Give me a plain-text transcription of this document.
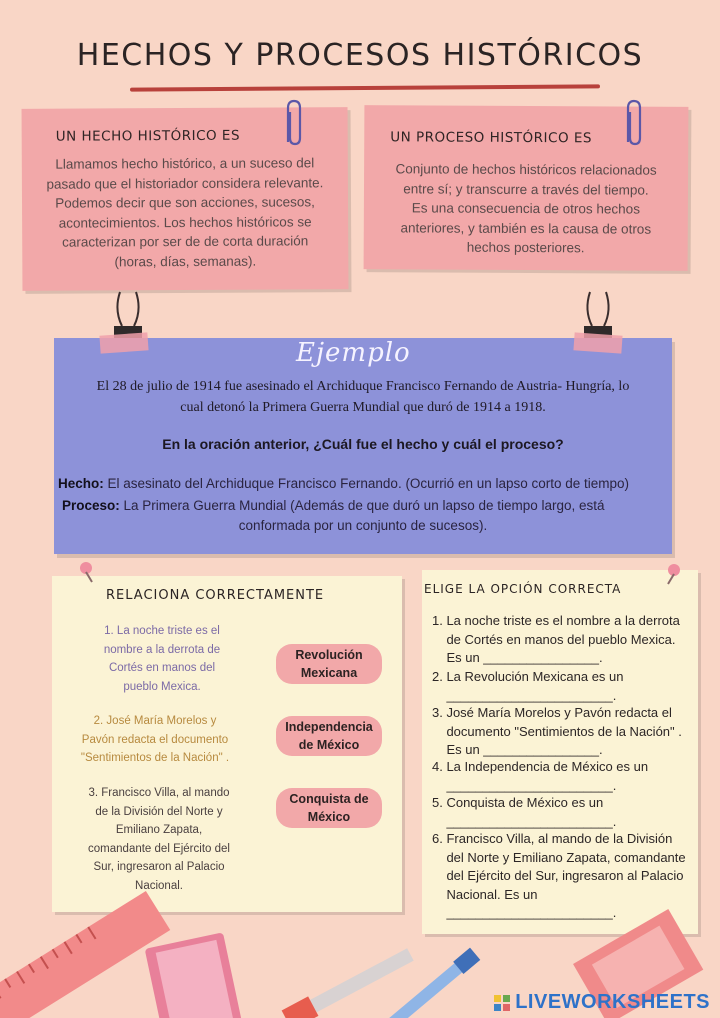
HECHOS Y PROCESOS HISTÓRICOS
UN HECHO HISTÓRICO ES
Llamamos hecho histórico, a un suceso del
pasado que el historiador considera relevante.
Podemos decir que son acciones, sucesos,
acontecimientos. Los hechos históricos se
caracterizan por ser de de corta duración
(horas, días, semanas).
UN PROCESO HISTÓRICO ES
Conjunto de hechos históricos relacionados
entre sí; y transcurre a través del tiempo.
Es una consecuencia de otros hechos
anteriores, y también es la causa de otros
hechos posteriores.
Ejemplo
El 28 de julio de 1914 fue asesinado el Archiduque Francisco Fernando de Austria- Hungría, lo
cual detonó la Primera Guerra Mundial que duró de 1914 a 1918.
En la oración anterior, ¿Cuál fue el hecho y cuál el proceso?
Hecho: El asesinato del Archiduque Francisco Fernando. (Ocurrió en un lapso corto de tiempo)
Proceso: La Primera Guerra Mundial (Además de que duró un lapso de tiempo largo, está
conformada por un conjunto de sucesos).
RELACIONA CORRECTAMENTE
1. La noche triste es el
nombre a la derrota de
Cortés en manos del
pueblo Mexica.
2. José María Morelos y
Pavón redacta el documento
"Sentimientos de la Nación" .
3. Francisco Villa, al mando
de la División del Norte y
Emiliano Zapata,
comandante del Ejército del
Sur, ingresaron al Palacio
Nacional.
Revolución
Mexicana
Independencia
de México
Conquista de
México
ELIGE LA OPCIÓN CORRECTA
1. La noche triste es el nombre a la derrota
de Cortés en manos del pueblo Mexica.
Es un ________________.
2. La Revolución Mexicana es un
_______________________.
3. José María Morelos y Pavón redacta el
documento "Sentimientos de la Nación" .
Es un ________________.
4. La Independencia de México es un
_______________________.
5. Conquista de México es un
_______________________.
6. Francisco Villa, al mando de la División
del Norte y Emiliano Zapata, comandante
del Ejército del Sur, ingresaron al Palacio
Nacional. Es un
_______________________.
LIVEWORKSHEETS
